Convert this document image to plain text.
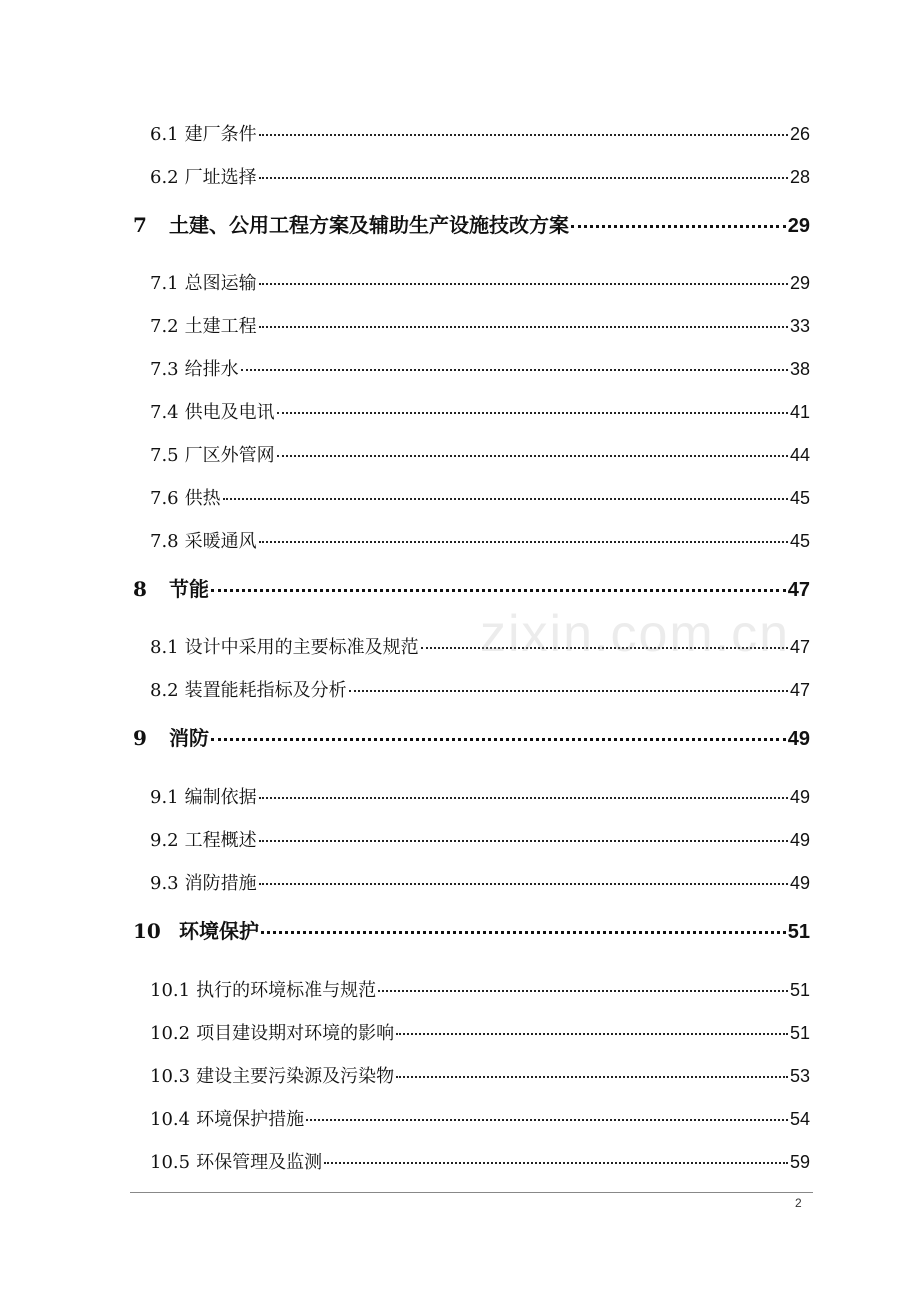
6.1 建厂条件	26
6.2 厂址选择	28
7	土建、公用工程方案及辅助生产设施技改方案	29
7.1 总图运输	29
7.2 土建工程	33
7.3 给排水	38
7.4 供电及电讯	41
7.5 厂区外管网	44
7.6 供热	45
7.8 采暖通风	45
8	节能	47
8.1 设计中采用的主要标准及规范	47
8.2 装置能耗指标及分析	47
9	消防	49
9.1 编制依据	49
9.2 工程概述	49
9.3 消防措施	49
10 环境保护	51
10.1 执行的环境标准与规范	51
10.2 项目建设期对环境的影响	51
10.3 建设主要污染源及污染物	53
10.4 环境保护措施	54
10.5 环保管理及监测	59
zixin.com.cn
2
